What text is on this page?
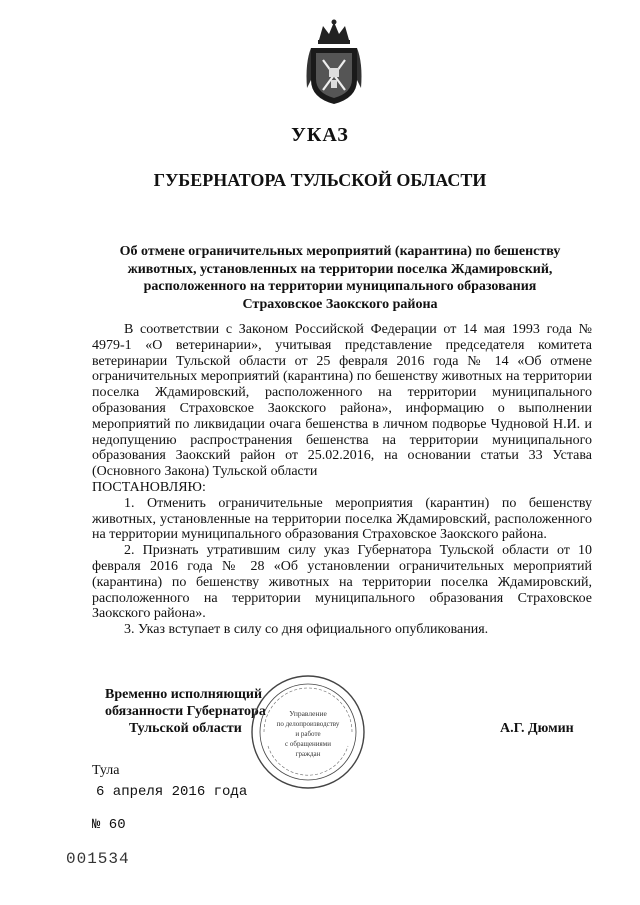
УКАЗ
ГУБЕРНАТОРА ТУЛЬСКОЙ ОБЛАСТИ
Об отмене ограничительных мероприятий (карантина) по бешенству
животных, установленных на территории поселка Ждамировский,
расположенного на территории муниципального образования
Страховское Заокского района

В соответствии с Законом Российской Федерации от 14 мая 1993 года № 4979-1 «О ветеринарии», учитывая представление председателя комитета ветеринарии Тульской области от 25 февраля 2016 года № 14 «Об отмене ограничительных мероприятий (карантина) по бешенству животных на территории поселка Ждамировский, расположенного на территории муниципального образования Страховское Заокского района», информацию о выполнении мероприятий по ликвидации очага бешенства в личном подворье Чудновой Н.И. и недопущению распространения бешенства на территории муниципального образования Заокский район от 25.02.2016, на основании статьи 33 Устава (Основного Закона) Тульской области

ПОСТАНОВЛЯЮ:

1. Отменить ограничительные мероприятия (карантин) по бешенству животных, установленные на территории поселка Ждамировский, расположенного на территории муниципального образования Страховское Заокского района.

2. Признать утратившим силу указ Губернатора Тульской области от 10 февраля 2016 года № 28 «Об установлении ограничительных мероприятий (карантина) по бешенству животных на территории поселка Ждамировский, расположенного на территории муниципального образования Страховское Заокского района».

3. Указ вступает в силу со дня официального опубликования.

Временно исполняющий
обязанности Губернатора
Тульской области	А.Г. Дюмин
Управление
по делопроизводству
и работе
с обращениями
граждан
Тула
6 апреля 2016 года
№ 60
001534
